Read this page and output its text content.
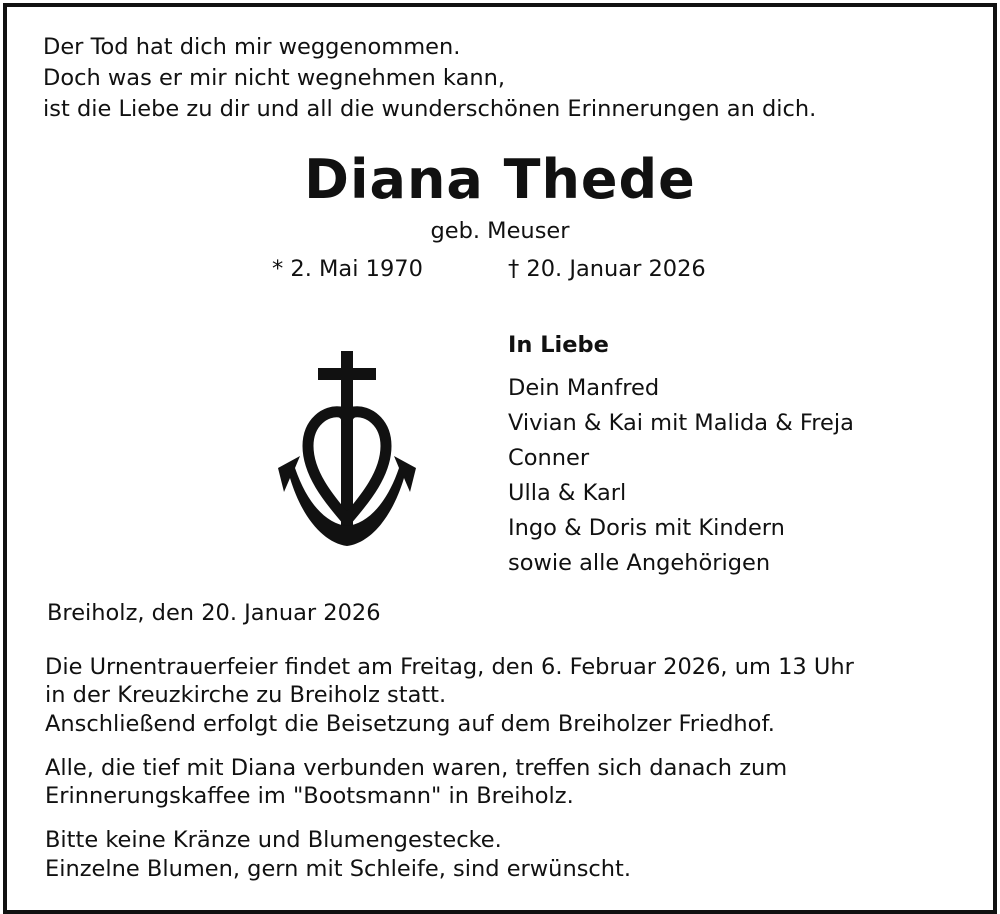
Der Tod hat dich mir weggenommen.
Doch was er mir nicht wegnehmen kann,
ist die Liebe zu dir und all die wunderschönen Erinnerungen an dich.
Diana Thede
geb. Meuser
* 2. Mai 1970	† 20. Januar 2026
In Liebe
Dein Manfred
Vivian & Kai mit Malida & Freja
Conner
Ulla & Karl
Ingo & Doris mit Kindern
sowie alle Angehörigen
Breiholz, den 20. Januar 2026
Die Urnentrauerfeier findet am Freitag, den 6. Februar 2026, um 13 Uhr
in der Kreuzkirche zu Breiholz statt.
Anschließend erfolgt die Beisetzung auf dem Breiholzer Friedhof.
Alle, die tief mit Diana verbunden waren, treffen sich danach zum
Erinnerungskaffee im "Bootsmann" in Breiholz.
Bitte keine Kränze und Blumengestecke.
Einzelne Blumen, gern mit Schleife, sind erwünscht.
